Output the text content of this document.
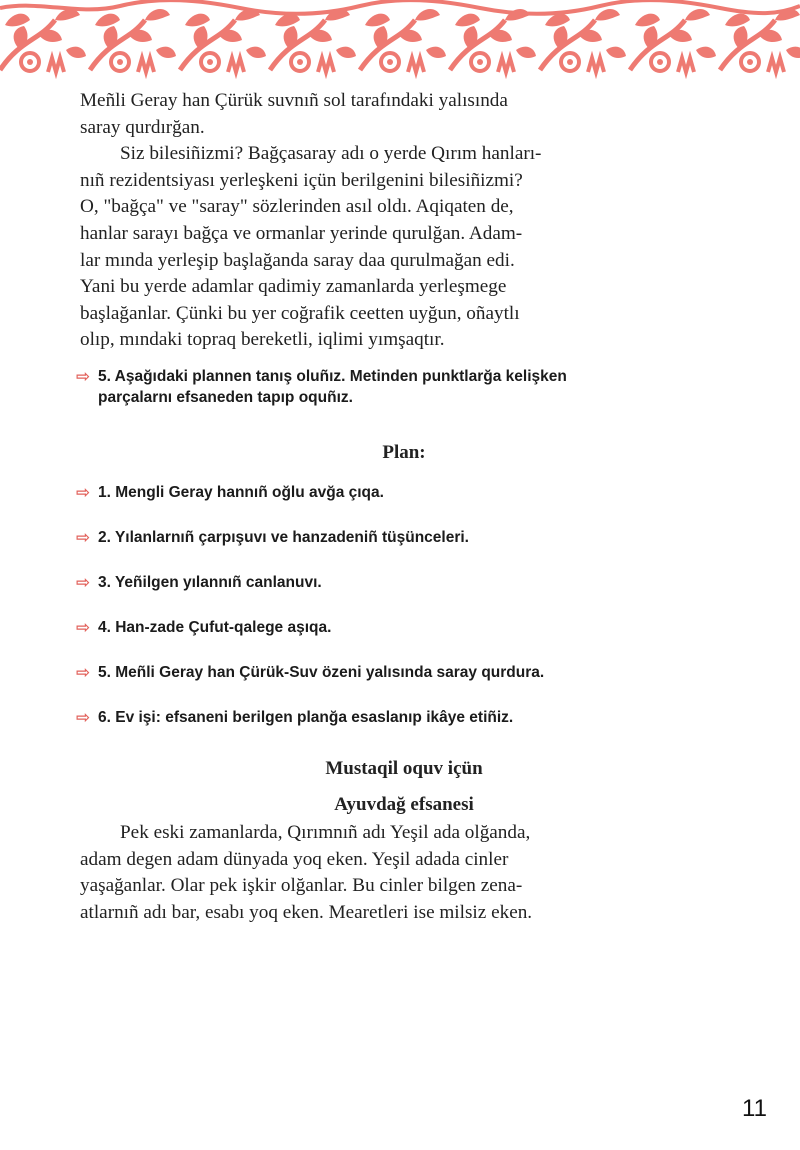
Meñli Geray han Çürük suvnıñ sol tarafındaki yalısında
saray qurdırğan.

Siz bilesiñizmi? Bağçasaray adı o yerde Qırım hanları-
nıñ rezidentsiyası yerleşkeni içün berilgenini bilesiñizmi?
O, "bağça" ve "saray" sözlerinden asıl oldı. Aqiqaten de,
hanlar sarayı bağça ve ormanlar yerinde qurulğan. Adam-
lar mında yerleşip başlağanda saray daa qurulmağan edi.
Yani bu yerde adamlar qadimiy zamanlarda yerleşmege
başlağanlar. Çünki bu yer coğrafik ceetten uyğun, oñaytlı
olıp, mındaki topraq bereketli, iqlimi yımşaqtır.

⇨ 5. Aşağıdaki plannen tanış oluñız. Metinden punktlarğa kelişken
parçalarnı efsaneden tapıp oquñız.

Plan:

⇨ 1. Mengli Geray hannıñ oğlu avğa çıqa.
⇨ 2. Yılanlarnıñ çarpışuvı ve hanzadeniñ tüşünceleri.
⇨ 3. Yeñilgen yılannıñ canlanuvı.
⇨ 4. Han-zade Çufut-qalege aşıqa.
⇨ 5. Meñli Geray han Çürük-Suv özeni yalısında saray qurdura.
⇨ 6. Ev işi: efsaneni berilgen planğa esaslanıp ikâye etiñiz.

Mustaqil oquv içün

Ayuvdağ efsanesi

Pek eski zamanlarda, Qırımnıñ adı Yeşil ada olğanda,
adam degen adam dünyada yoq eken. Yeşil adada cinler
yaşağanlar. Olar pek işkir olğanlar. Bu cinler bilgen zena-
atlarnıñ adı bar, esabı yoq eken. Mearetleri ise milsiz eken.

11
